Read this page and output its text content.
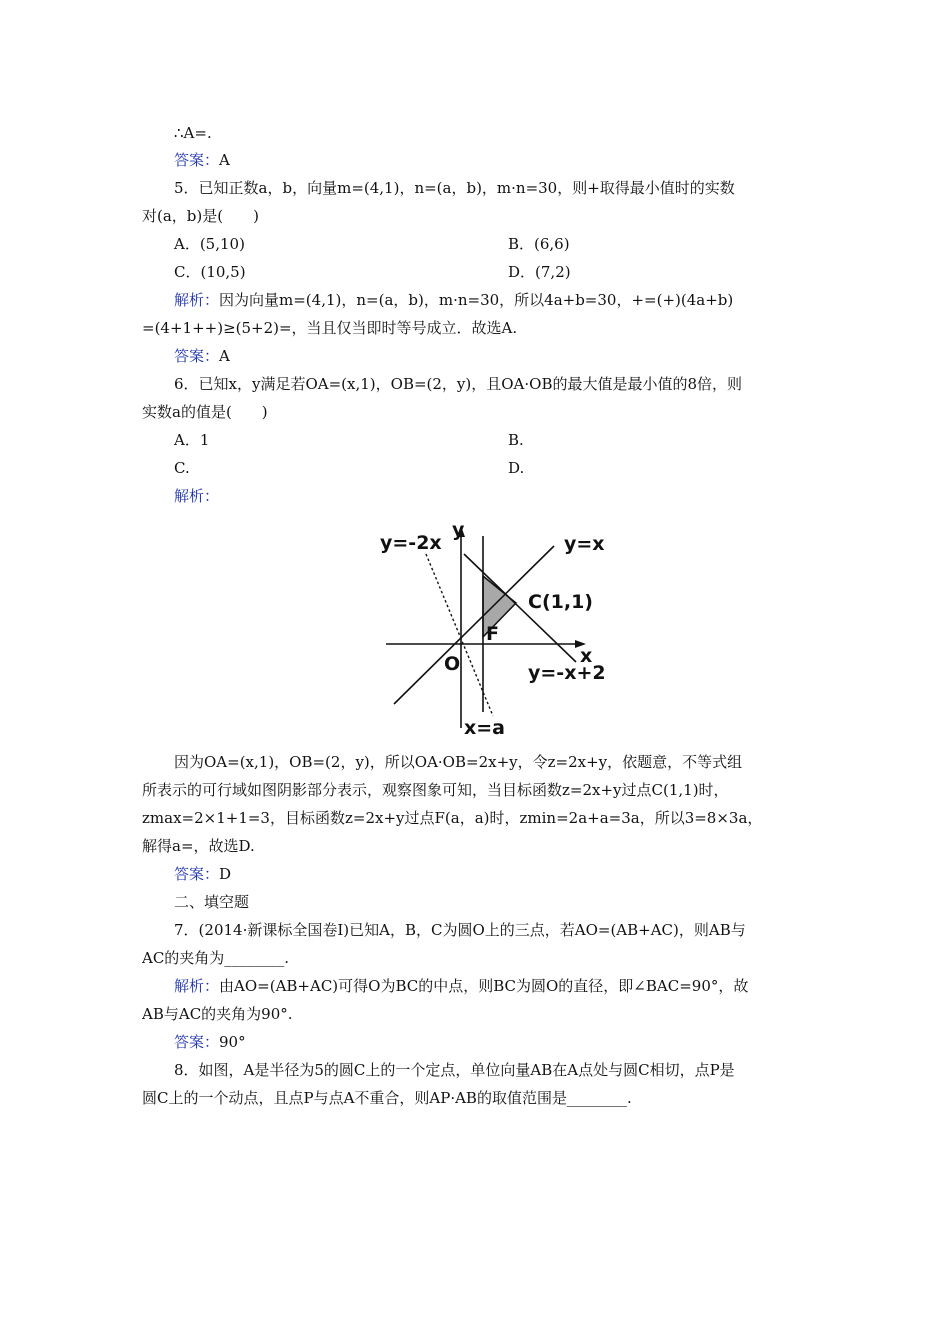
∴A=.
答案：A
5．已知正数a，b，向量m=(4,1)，n=(a，b)，m·n=30，则+取得最小值时的实数
对(a，b)是(　　)
A．(5,10)	B．(6,6)
C．(10,5)	D．(7,2)
解析：因为向量m=(4,1)，n=(a，b)，m·n=30，所以4a+b=30，+=(+)(4a+b)
=(4+1++)≥(5+2)=，当且仅当即时等号成立．故选A.
答案：A
6．已知x，y满足若OA=(x,1)，OB=(2，y)，且OA·OB的最大值是最小值的8倍，则
实数a的值是(　　)
A．1	B.
C.	D.
解析：
y=-2x
y
y=x
C(1,1)
F
x
O	y=-x+2
x=a
因为OA=(x,1)，OB=(2，y)，所以OA·OB=2x+y，令z=2x+y，依题意，不等式组
所表示的可行域如图阴影部分表示，观察图象可知，当目标函数z=2x+y过点C(1,1)时，
zmax=2×1+1=3，目标函数z=2x+y过点F(a，a)时，zmin=2a+a=3a，所以3=8×3a，
解得a=，故选D.
答案：D
二、填空题
7．(2014·新课标全国卷Ⅰ)已知A，B，C为圆O上的三点，若AO=(AB+AC)，则AB与
AC的夹角为________.
解析：由AO=(AB+AC)可得O为BC的中点，则BC为圆O的直径，即∠BAC=90°，故
AB与AC的夹角为90°.
答案：90°
8．如图，A是半径为5的圆C上的一个定点，单位向量AB在A点处与圆C相切，点P是
圆C上的一个动点，且点P与点A不重合，则AP·AB的取值范围是________.
